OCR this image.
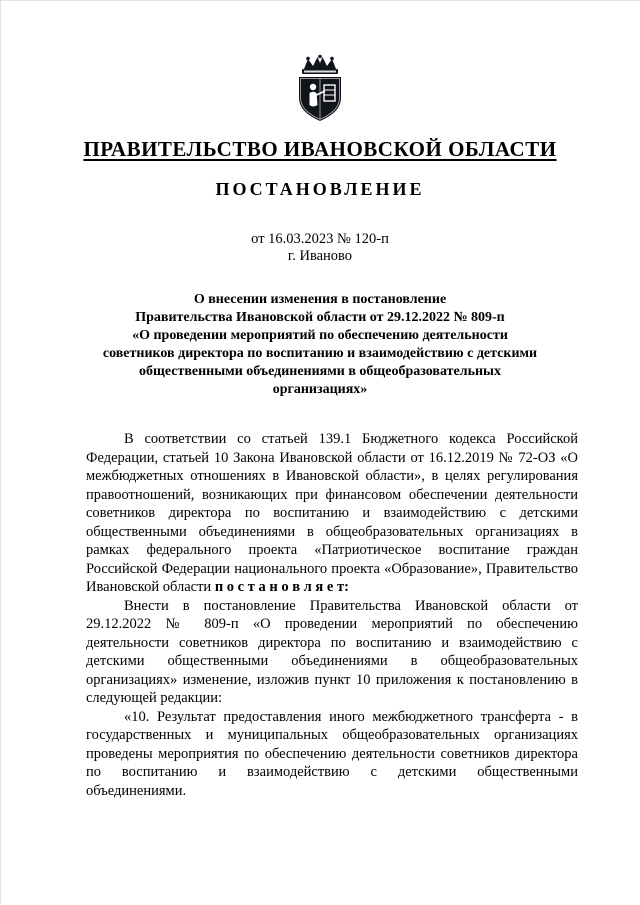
ПРАВИТЕЛЬСТВО ИВАНОВСКОЙ ОБЛАСТИ
ПОСТАНОВЛЕНИЕ
от 16.03.2023 № 120-п
г. Иваново
О внесении изменения в постановление
Правительства Ивановской области от 29.12.2022 № 809-п
«О проведении мероприятий по обеспечению деятельности
советников директора по воспитанию и взаимодействию с детскими
общественными объединениями в общеобразовательных
организациях»

В соответствии со статьей 139.1 Бюджетного кодекса Российской Федерации, статьей 10 Закона Ивановской области от 16.12.2019 № 72-ОЗ «О межбюджетных отношениях в Ивановской области», в целях регулирования правоотношений, возникающих при финансовом обеспечении деятельности советников директора по воспитанию и взаимодействию с детскими общественными объединениями в общеобразовательных организациях в рамках федерального проекта «Патриотическое воспитание граждан Российской Федерации национального проекта «Образование», Правительство Ивановской области п о с т а н о в л я е т:

Внести в постановление Правительства Ивановской области от 29.12.2022 № 809-п «О проведении мероприятий по обеспечению деятельности советников директора по воспитанию и взаимодействию с детскими общественными объединениями в общеобразовательных организациях» изменение, изложив пункт 10 приложения к постановлению в следующей редакции:

«10. Результат предоставления иного межбюджетного трансферта - в государственных и муниципальных общеобразовательных организациях проведены мероприятия по обеспечению деятельности советников директора по воспитанию и взаимодействию с детскими общественными объединениями.
